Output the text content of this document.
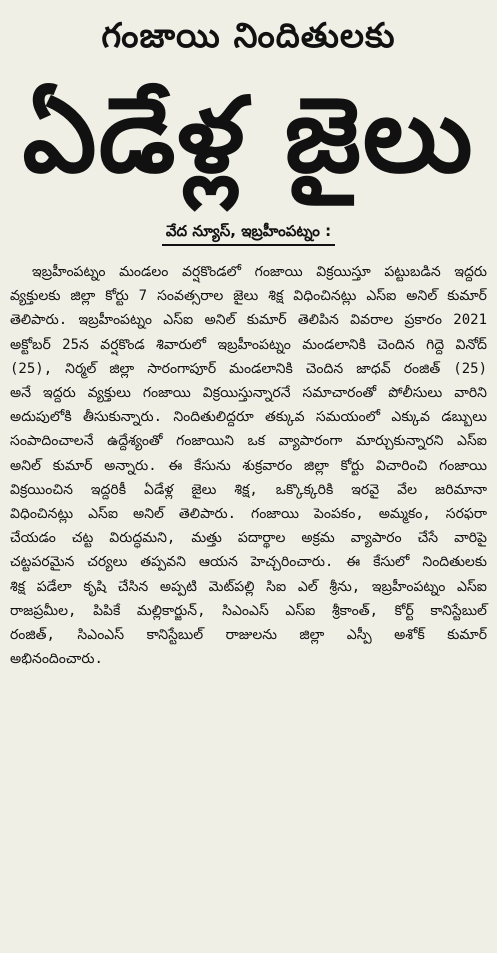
గంజాయి నిందితులకు
ఏడేళ్ల జైలు
వేద న్యూస్, ఇబ్రహీంపట్నం :

ఇబ్రహీంపట్నం మండలం వర్షకొండలో గంజాయి విక్రయిస్తూ పట్టుబడిన ఇద్దరు వ్యక్తులకు జిల్లా కోర్టు 7 సంవత్సరాల జైలు శిక్ష విధించినట్లు ఎస్ఐ అనిల్ కుమార్ తెలిపారు. ఇబ్రహీంపట్నం ఎస్ఐ అనిల్ కుమార్ తెలిపిన వివరాల ప్రకారం 2021 అక్టోబర్ 25న వర్షకొండ శివారులో ఇబ్రహీంపట్నం మండలానికి చెందిన గిద్దె వినోద్ (25), నిర్మల్ జిల్లా సారంగాపూర్ మండలానికి చెందిన జాధవ్ రంజిత్ (25) అనే ఇద్దరు వ్యక్తులు గంజాయి విక్రయిస్తున్నారనే సమాచారంతో పోలీసులు వారిని అదుపులోకి తీసుకున్నారు. నిందితులిద్దరూ తక్కువ సమయంలో ఎక్కువ డబ్బులు సంపాదించాలనే ఉద్దేశ్యంతో గంజాయిని ఒక వ్యాపారంగా మార్చుకున్నారని ఎస్ఐ అనిల్ కుమార్ అన్నారు. ఈ కేసును శుక్రవారం జిల్లా కోర్టు విచారించి గంజాయి విక్రయించిన ఇద్దరికీ ఏడేళ్ల జైలు శిక్ష, ఒక్కొక్కరికి ఇరవై వేల జరిమానా విధించినట్లు ఎస్ఐ అనిల్ తెలిపారు. గంజాయి పెంపకం, అమ్మకం, సరఫరా చేయడం చట్ట విరుద్ధమని, మత్తు పదార్థాల అక్రమ వ్యాపారం చేసే వారిపై చట్టపరమైన చర్యలు తప్పవని ఆయన హెచ్చరించారు. ఈ కేసులో నిందితులకు శిక్ష పడేలా కృషి చేసిన అప్పటి మెట్‌పల్లి సిఐ ఎల్ శ్రీను, ఇబ్రహీంపట్నం ఎస్ఐ రాజప్రమీల, పిపికే మల్లికార్జున్, సిఎంఎస్ ఎస్ఐ శ్రీకాంత్, కోర్ట్ కానిస్టేబుల్ రంజిత్, సిఎంఎస్ కానిస్టేబుల్ రాజులను జిల్లా ఎస్పీ అశోక్ కుమార్ అభినందించారు.
